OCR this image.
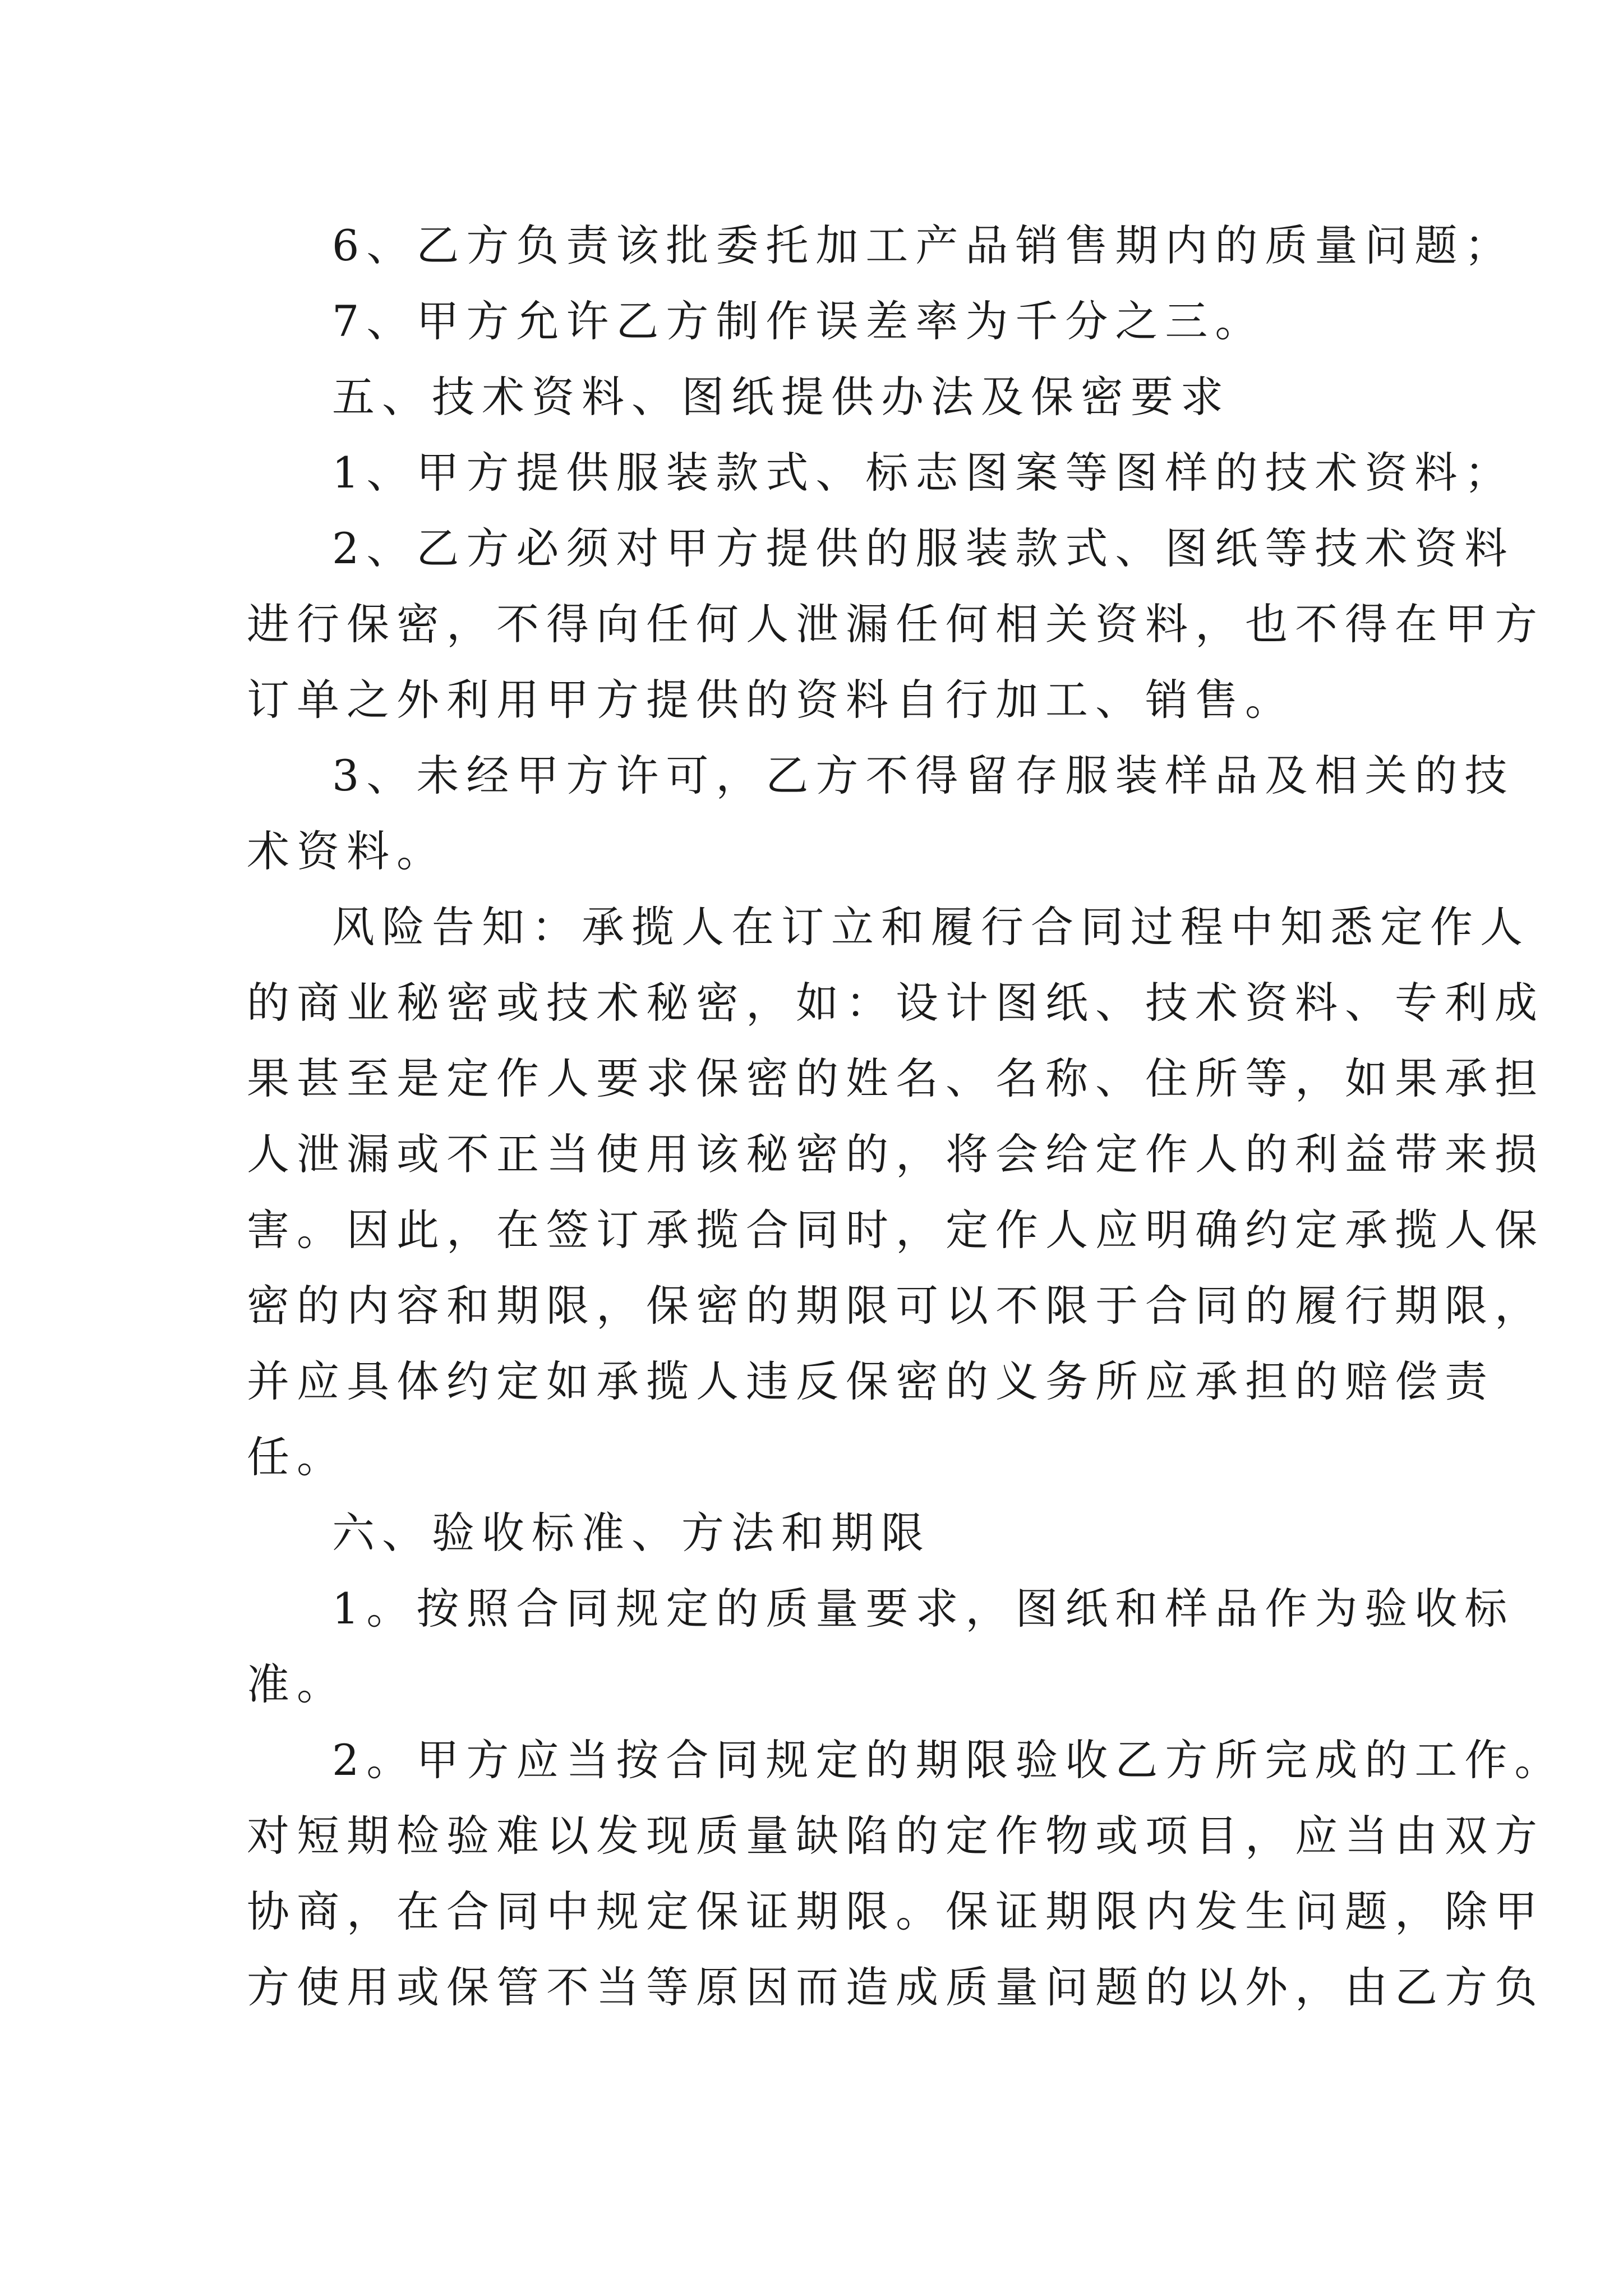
6、乙方负责该批委托加工产品销售期内的质量问题；
7、甲方允许乙方制作误差率为千分之三。
五、技术资料、图纸提供办法及保密要求
1、甲方提供服装款式、标志图案等图样的技术资料；
2、乙方必须对甲方提供的服装款式、图纸等技术资料
进行保密，不得向任何人泄漏任何相关资料，也不得在甲方
订单之外利用甲方提供的资料自行加工、销售。
3、未经甲方许可，乙方不得留存服装样品及相关的技
术资料。
风险告知：承揽人在订立和履行合同过程中知悉定作人
的商业秘密或技术秘密，如：设计图纸、技术资料、专利成
果甚至是定作人要求保密的姓名、名称、住所等，如果承担
人泄漏或不正当使用该秘密的，将会给定作人的利益带来损
害。因此，在签订承揽合同时，定作人应明确约定承揽人保
密的内容和期限，保密的期限可以不限于合同的履行期限，
并应具体约定如承揽人违反保密的义务所应承担的赔偿责
任。
六、验收标准、方法和期限
1。按照合同规定的质量要求，图纸和样品作为验收标
准。
2。甲方应当按合同规定的期限验收乙方所完成的工作。
对短期检验难以发现质量缺陷的定作物或项目，应当由双方
协商，在合同中规定保证期限。保证期限内发生问题，除甲
方使用或保管不当等原因而造成质量问题的以外，由乙方负
